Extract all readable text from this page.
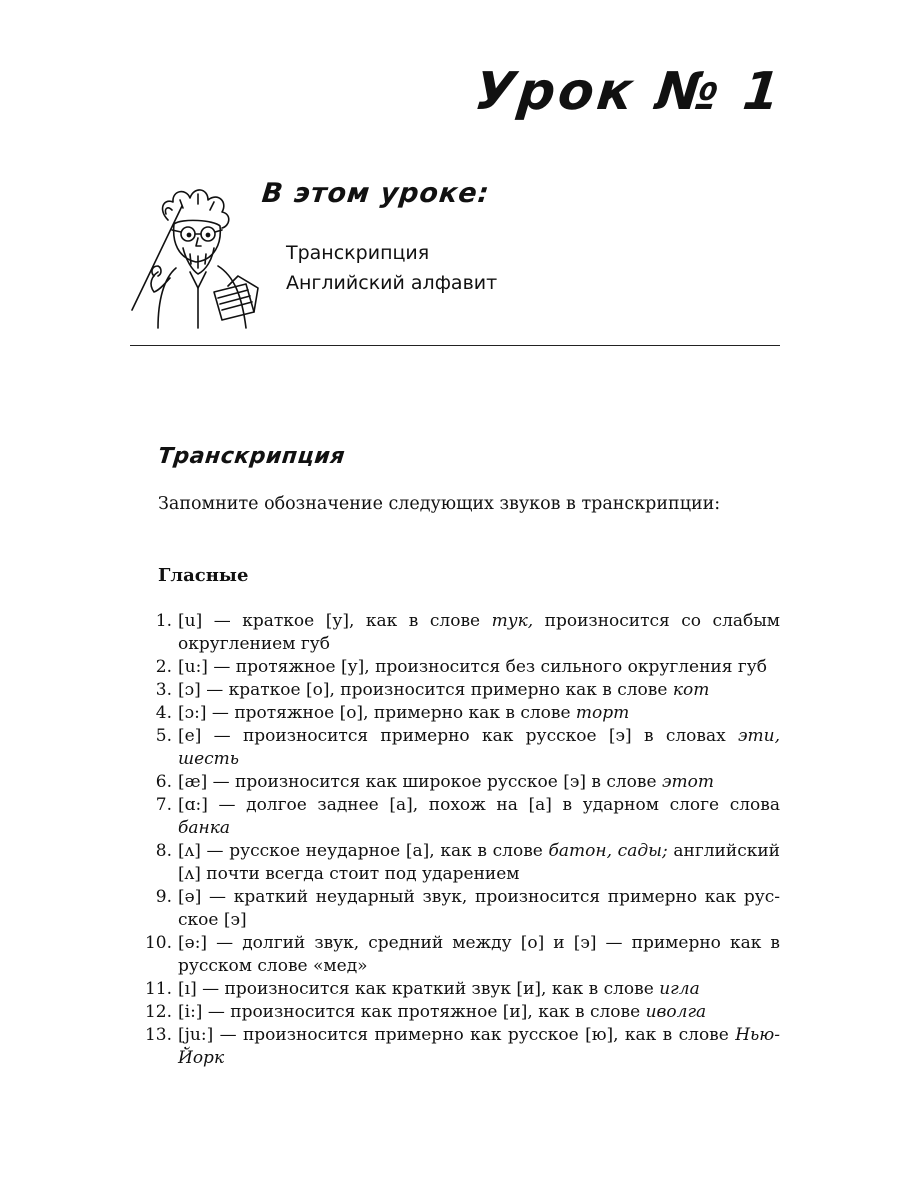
Урок № 1
В этом уроке:
Транскрипция
Английский алфавит
Транскрипция

Запомните обозначение следующих звуков в транскрипции:

Гласные
1. [u] — краткое [у], как в слове тук, произносится со слабым округлением губ
2. [u:] — протяжное [у], произносится без сильного округления губ
3. [ɔ] — краткое [о], произносится примерно как в слове кот
4. [ɔ:] — протяжное [о], примерно как в слове торт
5. [e] — произносится примерно как русское [э] в словах эти, шесть
6. [æ] — произносится как широкое русское [э] в слове этот
7. [ɑ:] — долгое заднее [а], похож на [а] в ударном слоге слова банка
8. [ʌ] — русское неударное [а], как в слове батон, сады; английский [ʌ] почти всегда стоит под ударением
9. [ə] — краткий неударный звук, произносится примерно как русское [э]
10. [ə:] — долгий звук, средний между [о] и [э] — примерно как в русском слове «мед»
11. [ı] — произносится как краткий звук [и], как в слове игла
12. [i:] — произносится как протяжное [и], как в слове иволга
13. [ju:] — произносится примерно как русское [ю], как в слове Нью-Йорк
